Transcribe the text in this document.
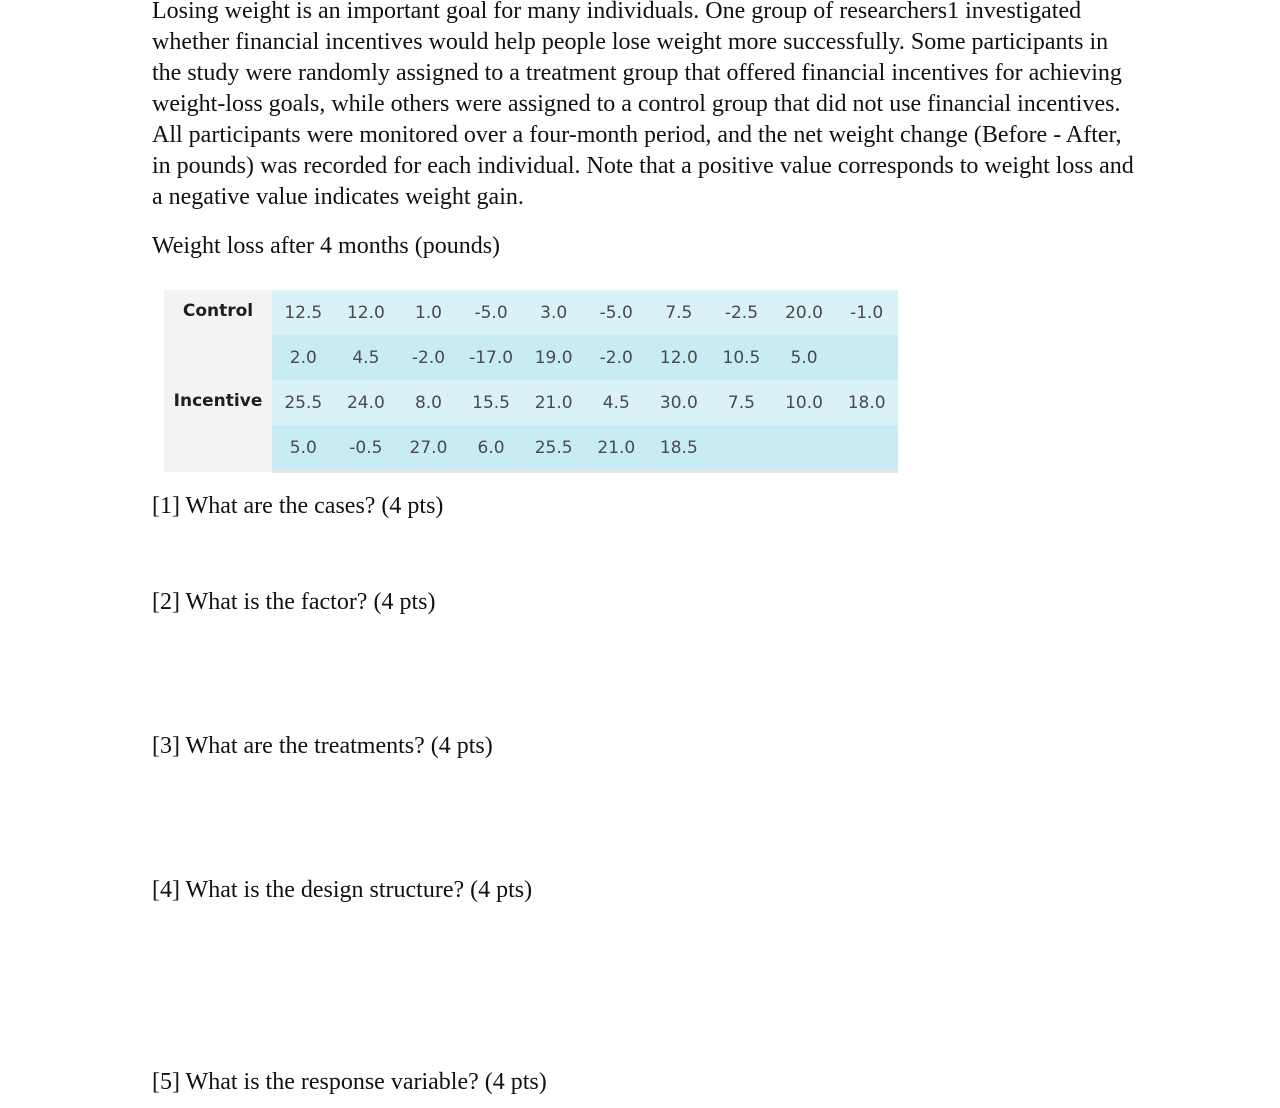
Losing weight is an important goal for many individuals. One group of researchers1 investigated whether financial incentives would help people lose weight more successfully. Some participants in the study were randomly assigned to a treatment group that offered financial incentives for achieving weight-loss goals, while others were assigned to a control group that did not use financial incentives. All participants were monitored over a four-month period, and the net weight change (Before - After, in pounds) was recorded for each individual. Note that a positive value corresponds to weight loss and a negative value indicates weight gain.

Weight loss after 4 months (pounds)

Control	12.5	12.0	1.0	-5.0	3.0	-5.0	7.5	-2.5	20.0	-1.0
	2.0	4.5	-2.0	-17.0	19.0	-2.0	12.0	10.5	5.0	
Incentive	25.5	24.0	8.0	15.5	21.0	4.5	30.0	7.5	10.0	18.0
	5.0	-0.5	27.0	6.0	25.5	21.0	18.5			

[1] What are the cases? (4 pts)

[2] What is the factor? (4 pts)

[3] What are the treatments? (4 pts)

[4] What is the design structure? (4 pts)

[5] What is the response variable? (4 pts)
